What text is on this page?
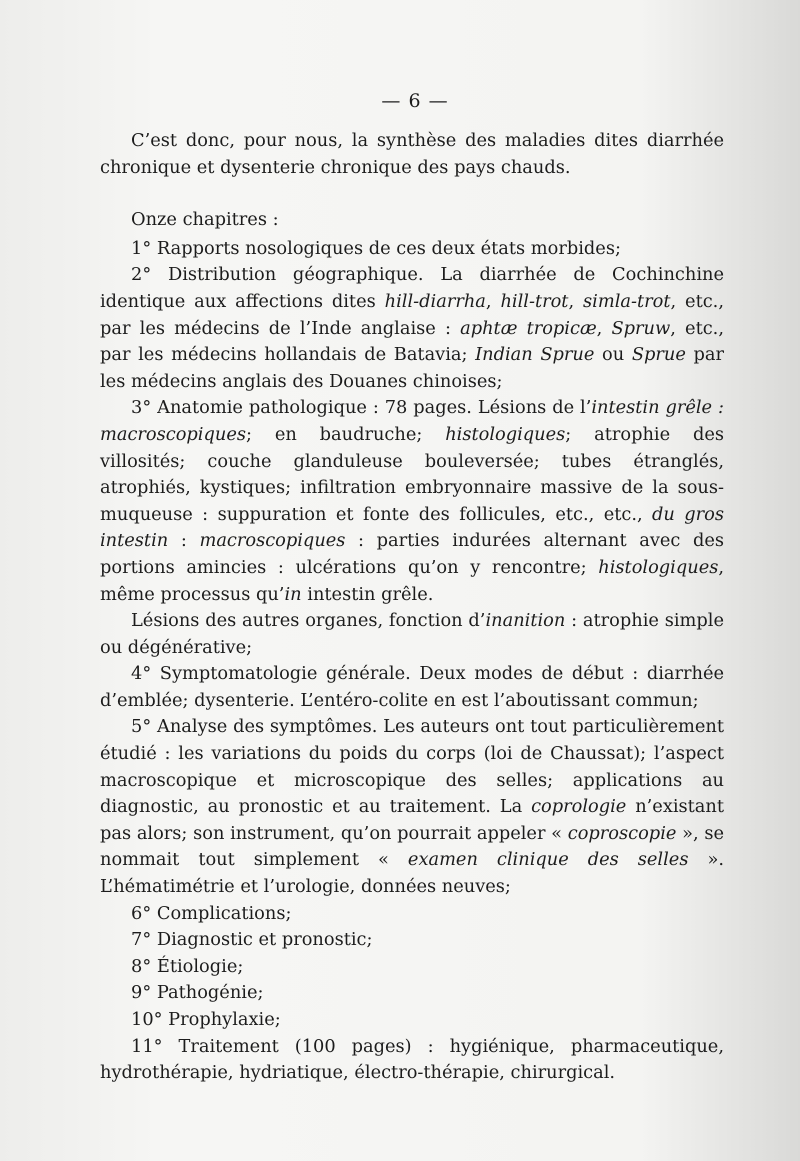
— 6 —

C’est donc, pour nous, la synthèse des maladies dites diarrhée chronique et dysenterie chronique des pays chauds.

Onze chapitres :

1° Rapports nosologiques de ces deux états morbides;

2° Distribution géographique. La diarrhée de Cochinchine identique aux affections dites hill-diarrha, hill-trot, simla-trot, etc., par les médecins de l’Inde anglaise : aphtæ tropicæ, Spruw, etc., par les médecins hollandais de Batavia; Indian Sprue ou Sprue par les médecins anglais des Douanes chinoises;

3° Anatomie pathologique : 78 pages. Lésions de l’intestin grêle : macroscopiques; en baudruche; histologiques; atrophie des villosités; couche glanduleuse bouleversée; tubes étranglés, atrophiés, kystiques; infiltration embryonnaire massive de la sous-muqueuse : suppuration et fonte des follicules, etc., etc., du gros intestin : macroscopiques : parties indurées alternant avec des portions amincies : ulcérations qu’on y rencontre; histologiques, même processus qu’in intestin grêle.

Lésions des autres organes, fonction d’inanition : atrophie simple ou dégénérative;

4° Symptomatologie générale. Deux modes de début : diarrhée d’emblée; dysenterie. L’entéro-colite en est l’aboutissant commun;

5° Analyse des symptômes. Les auteurs ont tout particulièrement étudié : les variations du poids du corps (loi de Chaussat); l’aspect macroscopique et microscopique des selles; applications au diagnostic, au pronostic et au traitement. La coprologie n’existant pas alors; son instrument, qu’on pourrait appeler « coproscopie », se nommait tout simplement « examen clinique des selles ». L’hématimétrie et l’urologie, données neuves;

6° Complications;

7° Diagnostic et pronostic;

8° Étiologie;

9° Pathogénie;

10° Prophylaxie;

11° Traitement (100 pages) : hygiénique, pharmaceutique, hydrothérapie, hydriatique, électro-thérapie, chirurgical.
